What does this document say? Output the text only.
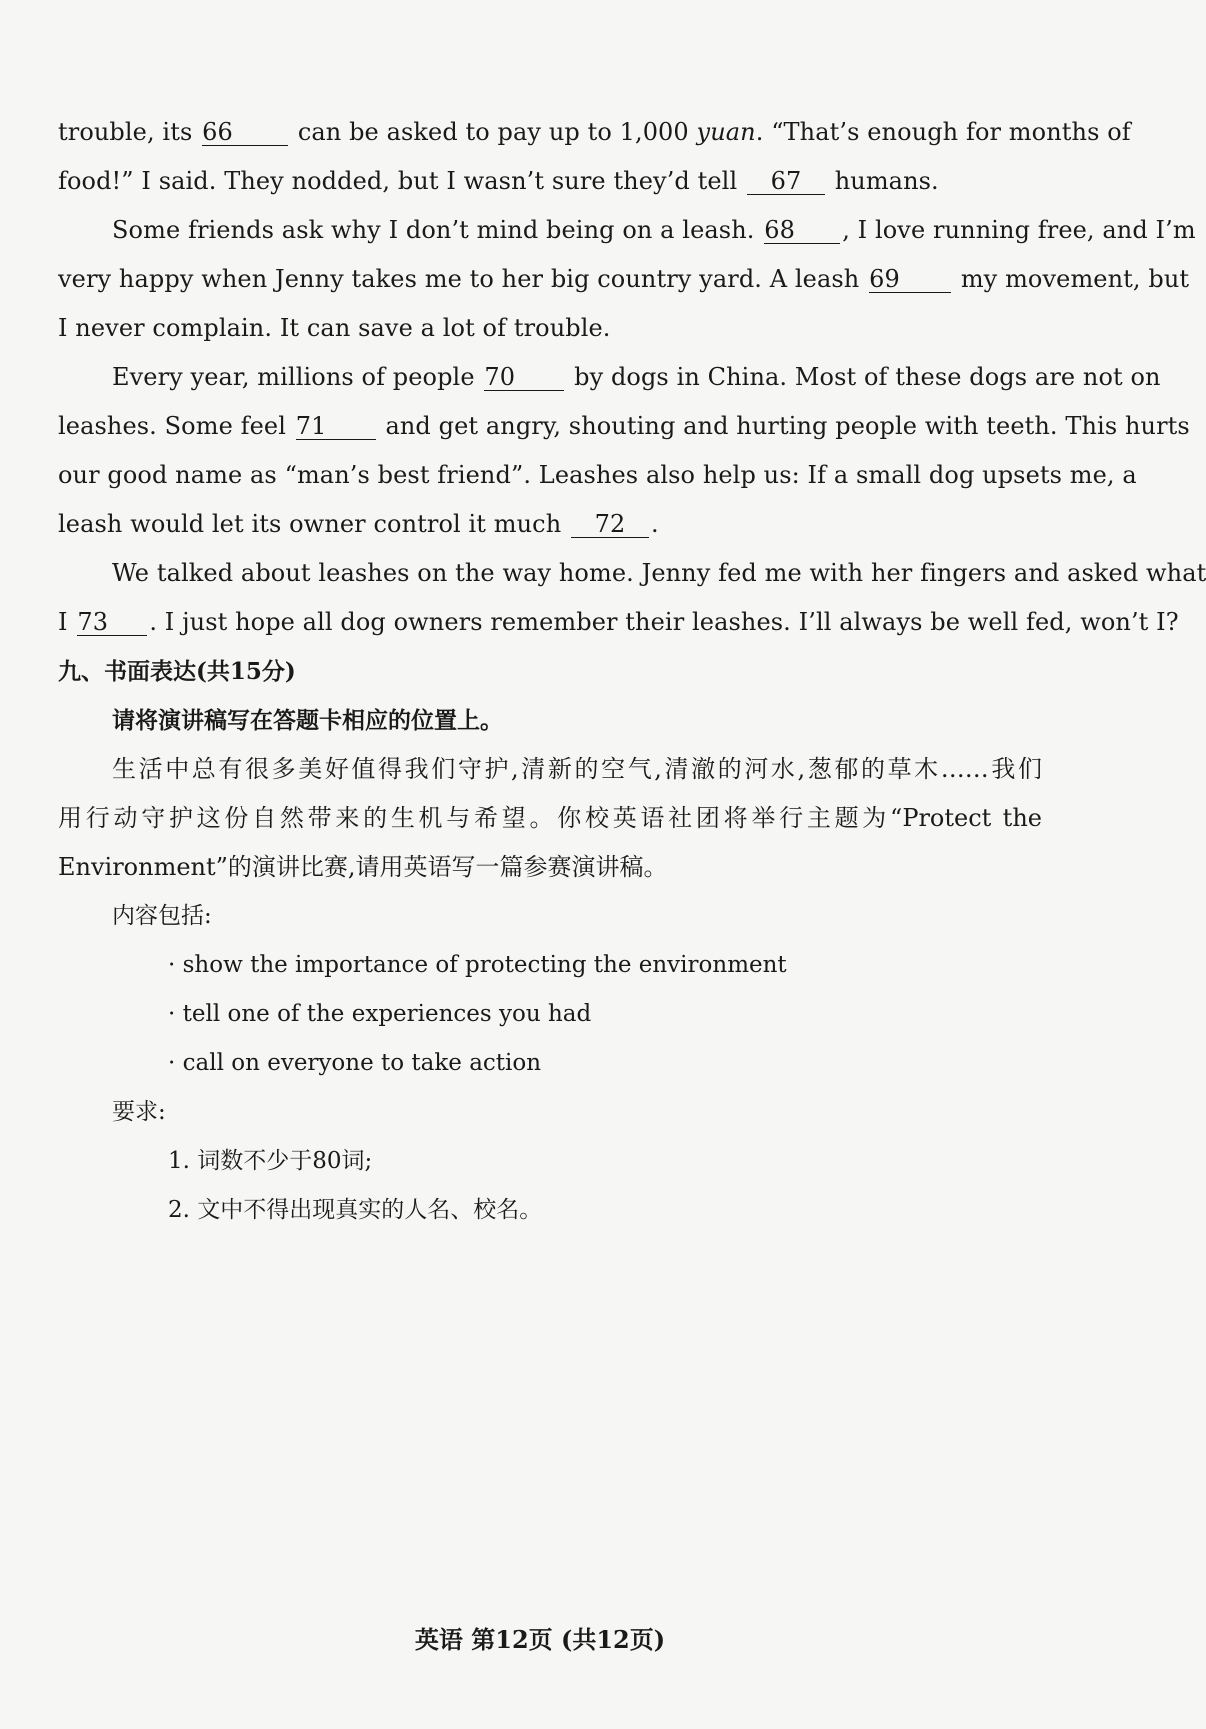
trouble, its 66	can be asked to pay up to 1,000 yuan. “That’s enough for months of
food!” I said. They nodded, but I wasn’t sure they’d tell 67 humans.
Some friends ask why I don’t mind being on a leash. 68 , I love running free, and I’m
very happy when Jenny takes me to her big country yard. A leash 69	my movement, but
I never complain. It can save a lot of trouble.
Every year, millions of people 70 by dogs in China. Most of these dogs are not on
leashes. Some feel 71 and get angry, shouting and hurting people with teeth. This hurts
our good name as “man’s best friend”. Leashes also help us: If a small dog upsets me, a
leash would let its owner control it much 72 .
We talked about leashes on the way home. Jenny fed me with her fingers and asked what
I 73 . I just hope all dog owners remember their leashes. I’ll always be well fed, won’t I?
九、书面表达(共15分)
请将演讲稿写在答题卡相应的位置上。
生活中总有很多美好值得我们守护,清新的空气,清澈的河水,葱郁的草木……我们
用行动守护这份自然带来的生机与希望。你校英语社团将举行主题为“Protect the
Environment”的演讲比赛,请用英语写一篇参赛演讲稿。
内容包括:
· show the importance of protecting the environment
· tell one of the experiences you had
· call on everyone to take action
要求:
1. 词数不少于80词;
2. 文中不得出现真实的人名、校名。
英语 第12页 (共12页)
